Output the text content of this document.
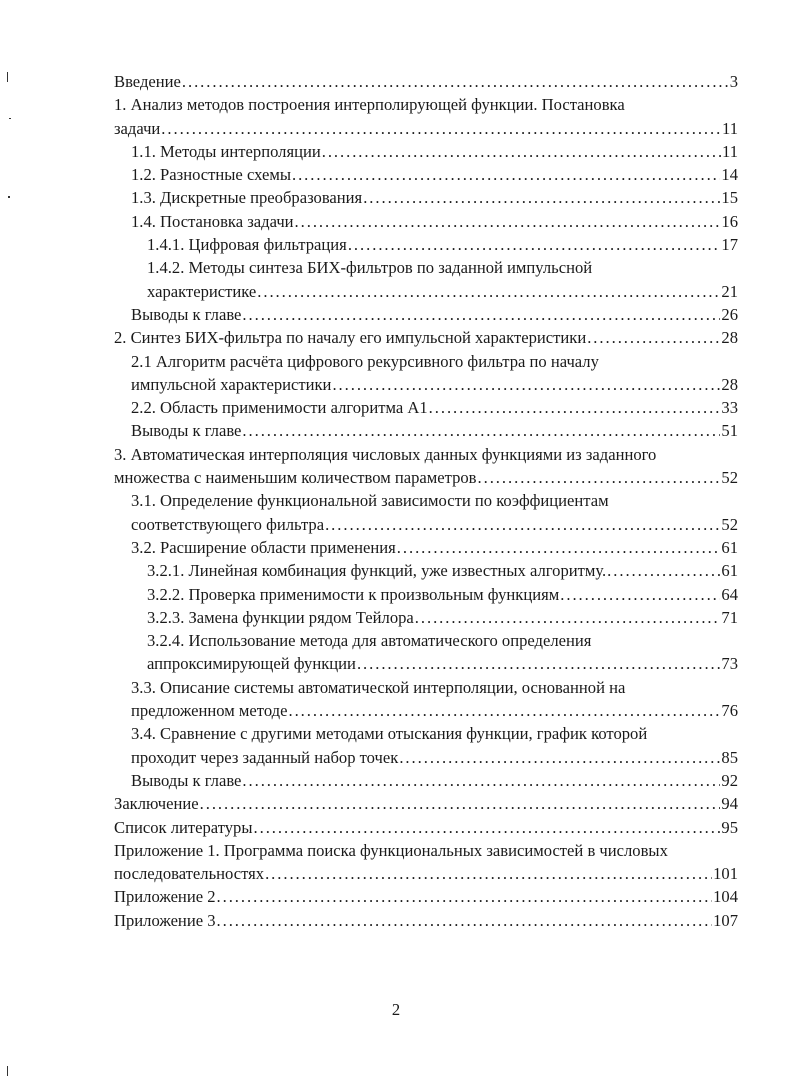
Введение . . .	3
1. Анализ методов построения интерполирующей функции. Постановка
задачи . . .	11
1.1. Методы интерполяции . . .	11
1.2. Разностные схемы . . .	14
1.3. Дискретные преобразования . . .	15
1.4. Постановка задачи . . .	16
1.4.1. Цифровая фильтрация . . .	17
1.4.2. Методы синтеза БИХ-фильтров по заданной импульсной
характеристике . . .	21
Выводы к главе . . .	26
2. Синтез БИХ-фильтра по началу его импульсной характеристики . . .	28
2.1 Алгоритм расчёта цифрового рекурсивного фильтра по началу
импульсной характеристики . . .	28
2.2. Область применимости алгоритма А1 . . .	33
Выводы к главе . . .	51
3. Автоматическая интерполяция числовых данных функциями из заданного
множества с наименьшим количеством параметров . . .	52
3.1. Определение функциональной зависимости по коэффициентам
соответствующего фильтра . . .	52
3.2. Расширение области применения . . .	61
3.2.1. Линейная комбинация функций, уже известных алгоритму. . . .	61
3.2.2. Проверка применимости к произвольным функциям . . .	64
3.2.3. Замена функции рядом Тейлора . . .	71
3.2.4. Использование метода для автоматического определения
аппроксимирующей функции . . .	73
3.3. Описание системы автоматической интерполяции, основанной на
предложенном методе . . .	76
3.4. Сравнение с другими методами отыскания функции, график которой
проходит через заданный набор точек . . .	85
Выводы к главе . . .	92
Заключение . . .	94
Список литературы . . .	95
Приложение 1. Программа поиска функциональных зависимостей в числовых
последовательностях . . .	101
Приложение 2 . . .	104
Приложение 3 . . .	107
2
